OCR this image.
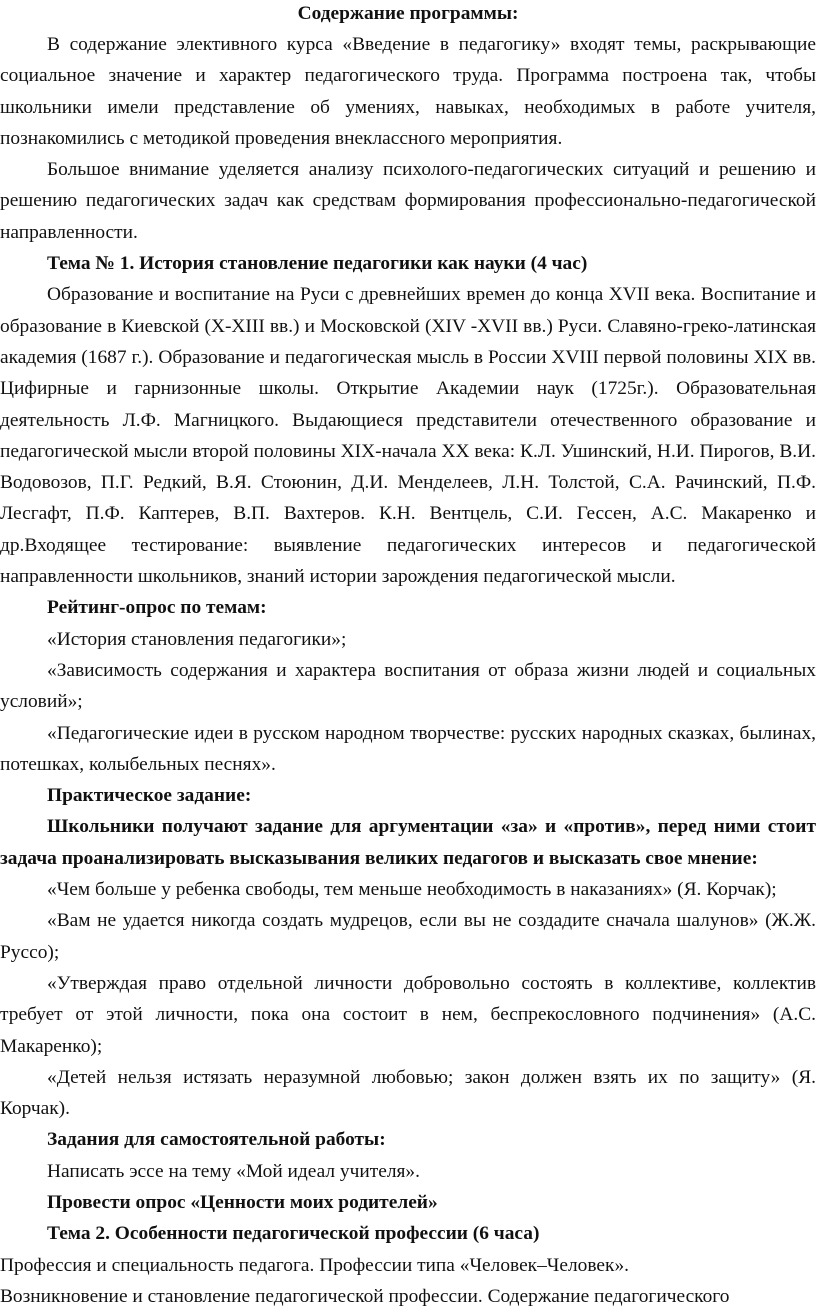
Содержание программы:

В содержание элективного курса «Введение в педагогику» входят темы, раскрывающие социальное значение и характер педагогического труда. Программа построена так, чтобы школьники имели представление об умениях, навыках, необходимых в работе учителя, познакомились с методикой проведения внеклассного мероприятия.

Большое внимание уделяется анализу психолого-педагогических ситуаций и решению и решению педагогических задач как средствам формирования профессионально-педагогической направленности.

Тема № 1. История становление педагогики как науки (4 час)

Образование и воспитание на Руси с древнейших времен до конца XVII века. Воспитание и образование в Киевской (Х-XIII вв.) и Московской (XIV -XVII вв.) Руси. Славяно-греко-латинская академия (1687 г.). Образование и педагогическая мысль в России XVIII первой половины XIX вв. Цифирные и гарнизонные школы. Открытие Академии наук (1725г.). Образовательная деятельность Л.Ф. Магницкого. Выдающиеся представители отечественного образование и педагогической мысли второй половины XIX-начала XX века: К.Л. Ушинский, Н.И. Пирогов, В.И. Водовозов, П.Г. Редкий, В.Я. Стоюнин, Д.И. Менделеев, Л.Н. Толстой, С.А. Рачинский, П.Ф. Лесгафт, П.Ф. Каптерев, В.П. Вахтеров. К.Н. Вентцель, С.И. Гессен, А.С. Макаренко и др.Входящее тестирование: выявление педагогических интересов и педагогической направленности школьников, знаний истории зарождения педагогической мысли.

Рейтинг-опрос по темам:

«История становления педагогики»;

«Зависимость содержания и характера воспитания от образа жизни людей и социальных условий»;

«Педагогические идеи в русском народном творчестве: русских народных сказках, былинах, потешках, колыбельных песнях».

Практическое задание:

Школьники получают задание для аргументации «за» и «против», перед ними стоит задача проанализировать высказывания великих педагогов и высказать свое мнение:

«Чем больше у ребенка свободы, тем меньше необходимость в наказаниях» (Я. Корчак);

«Вам не удается никогда создать мудрецов, если вы не создадите сначала шалунов» (Ж.Ж. Руссо);

«Утверждая право отдельной личности добровольно состоять в коллективе, коллектив требует от этой личности, пока она состоит в нем, беспрекословного подчинения» (А.С. Макаренко);

«Детей нельзя истязать неразумной любовью; закон должен взять их по защиту» (Я. Корчак).

Задания для самостоятельной работы:

Написать эссе на тему «Мой идеал учителя».

Провести опрос «Ценности моих родителей»

Тема 2. Особенности педагогической профессии (6 часа)

Профессия и специальность педагога. Профессии типа «Человек–Человек».

Возникновение и становление педагогической профессии. Содержание педагогического
